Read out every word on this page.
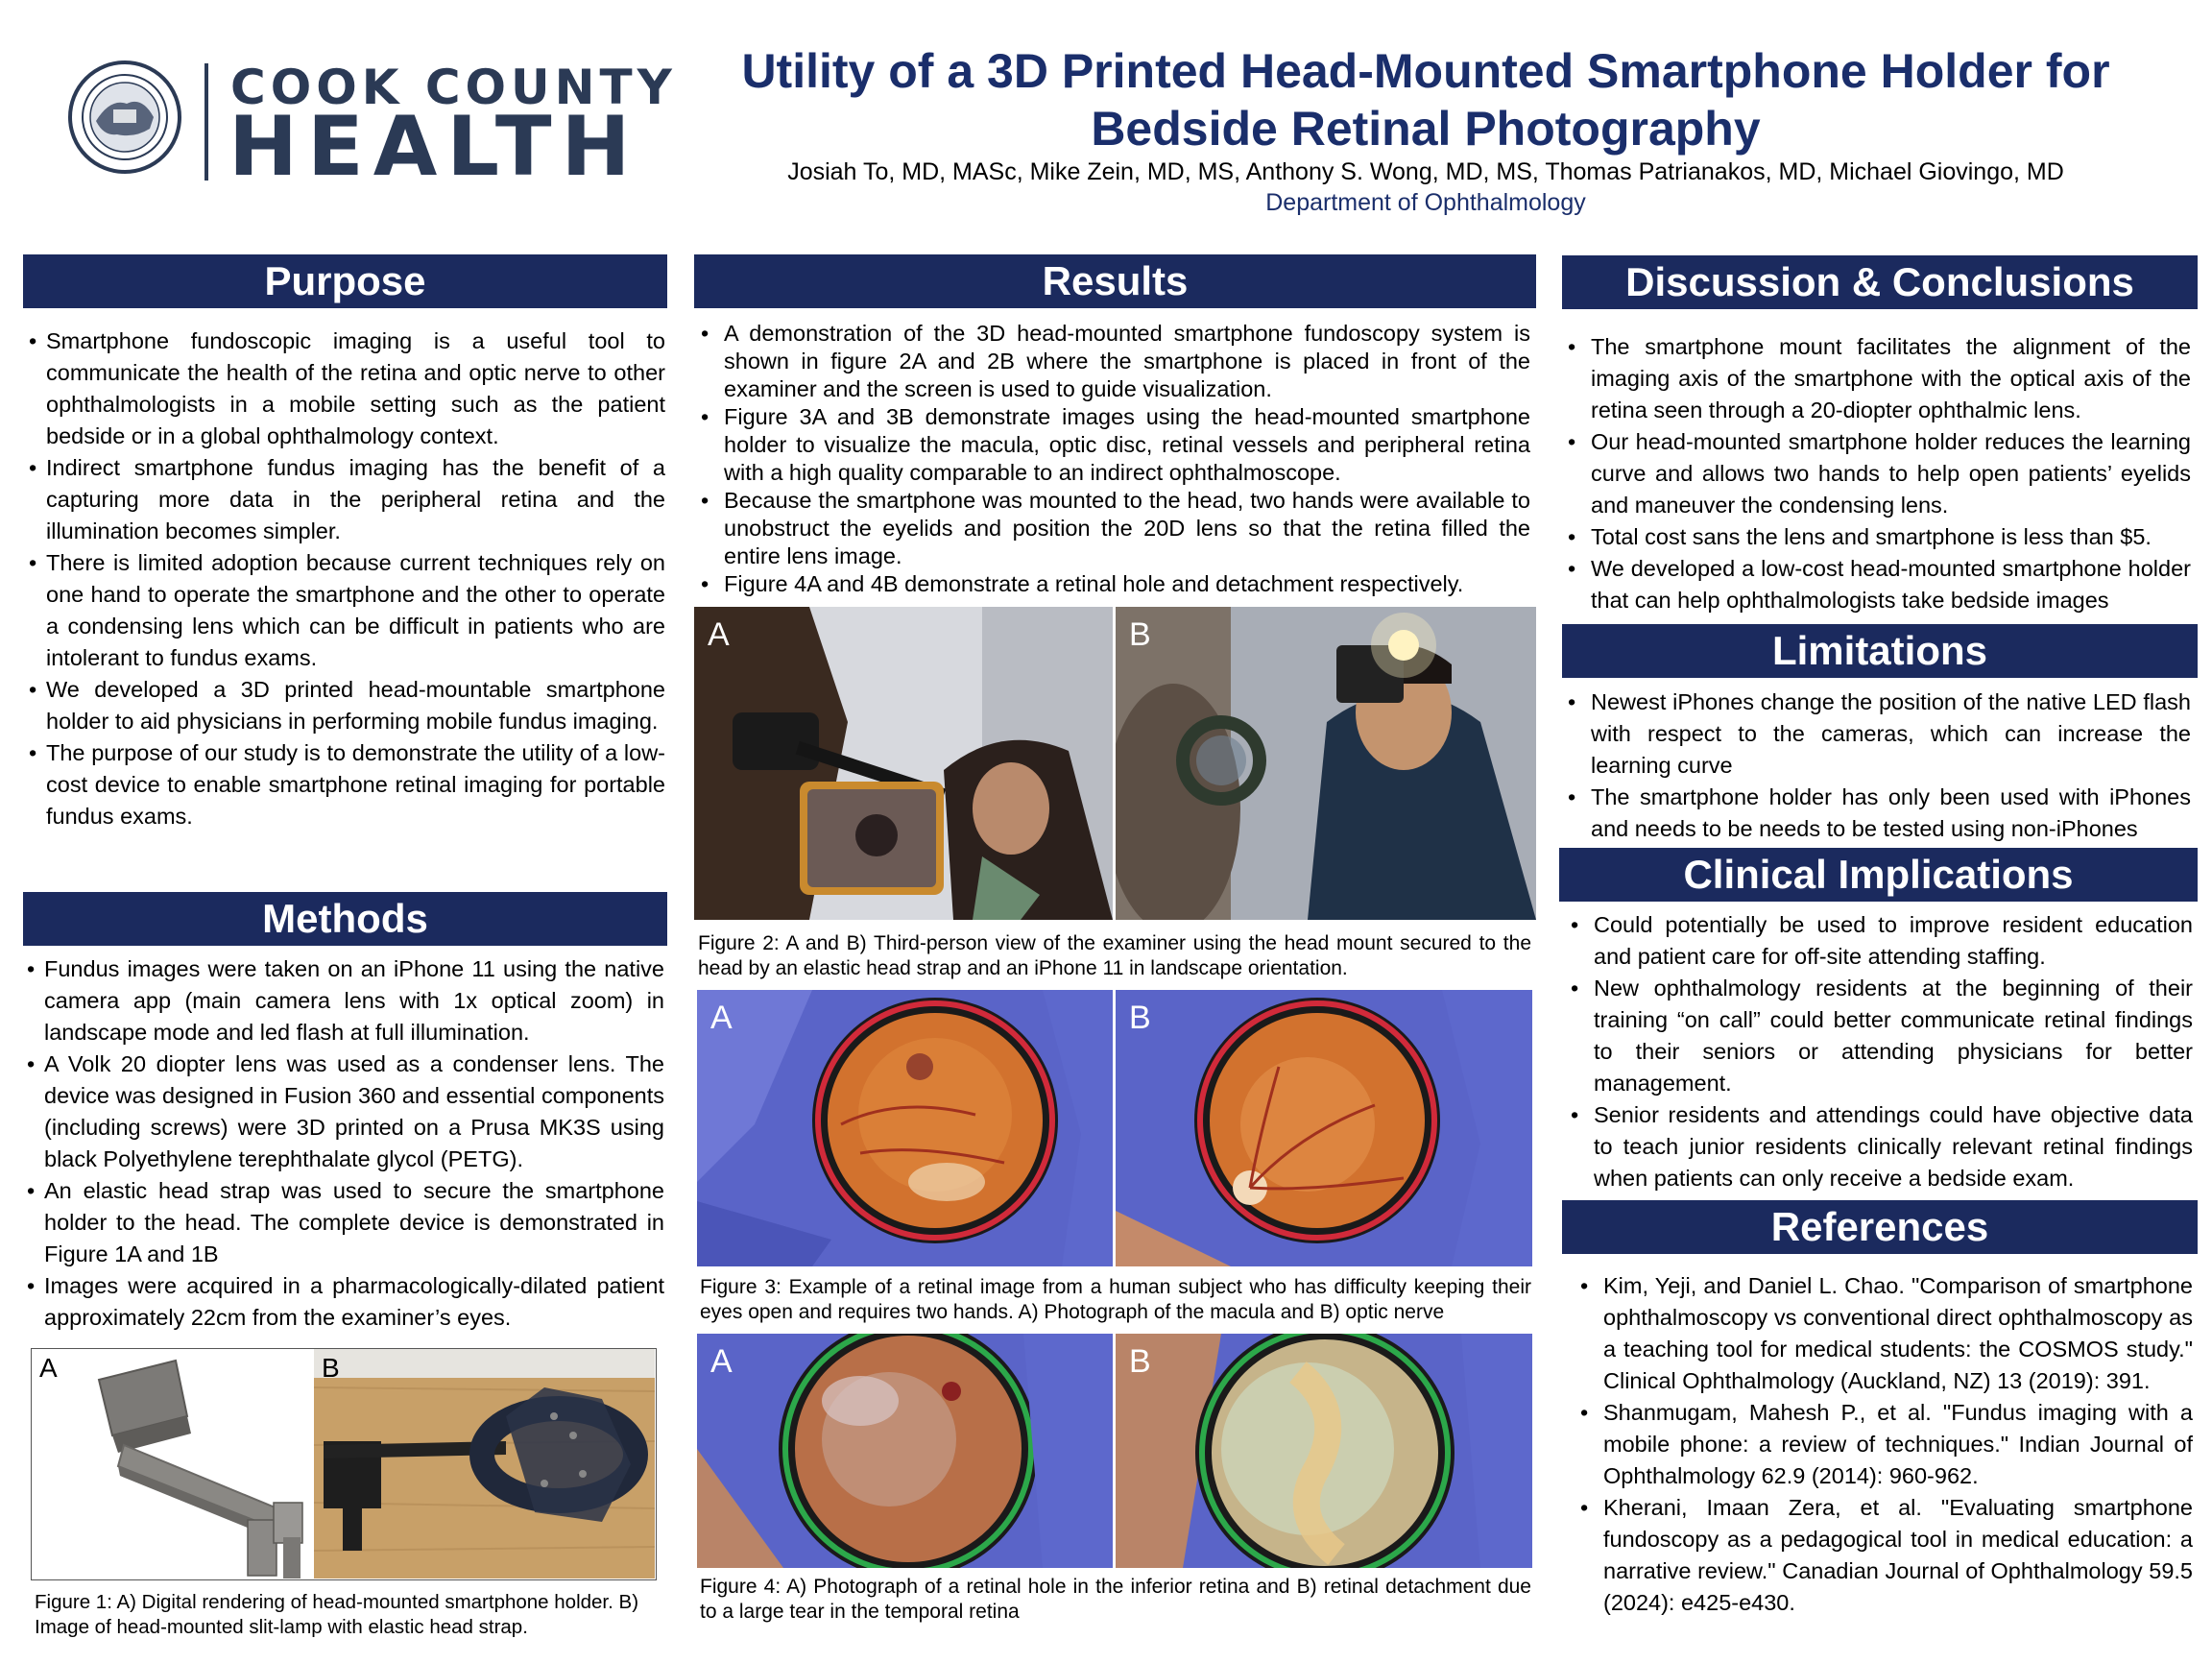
COOK COUNTY
HEALTH
Utility of a 3D Printed Head-Mounted Smartphone Holder for Bedside Retinal Photography
Josiah To, MD, MASc, Mike Zein, MD, MS, Anthony S. Wong, MD, MS, Thomas Patrianakos, MD, Michael Giovingo, MD
Department of Ophthalmology
Purpose
• Smartphone fundoscopic imaging is a useful tool to communicate the health of the retina and optic nerve to other ophthalmologists in a mobile setting such as the patient bedside or in a global ophthalmology context.
• Indirect smartphone fundus imaging has the benefit of a capturing more data in the peripheral retina and the illumination becomes simpler.
• There is limited adoption because current techniques rely on one hand to operate the smartphone and the other to operate a condensing lens which can be difficult in patients who are intolerant to fundus exams.
• We developed a 3D printed head-mountable smartphone holder to aid physicians in performing mobile fundus imaging.
• The purpose of our study is to demonstrate the utility of a low-cost device to enable smartphone retinal imaging for portable fundus exams.
Methods
• Fundus images were taken on an iPhone 11 using the native camera app (main camera lens with 1x optical zoom) in landscape mode and led flash at full illumination.
• A Volk 20 diopter lens was used as a condenser lens. The device was designed in Fusion 360 and essential components (including screws) were 3D printed on a Prusa MK3S using black Polyethylene terephthalate glycol (PETG).
• An elastic head strap was used to secure the smartphone holder to the head. The complete device is demonstrated in Figure 1A and 1B
• Images were acquired in a pharmacologically-dilated patient approximately 22cm from the examiner’s eyes.
A	B
Figure 1: A) Digital rendering of head-mounted smartphone holder. B) Image of head-mounted slit-lamp with elastic head strap.
Results
• A demonstration of the 3D head-mounted smartphone fundoscopy system is shown in figure 2A and 2B where the smartphone is placed in front of the examiner and the screen is used to guide visualization.
• Figure 3A and 3B demonstrate images using the head-mounted smartphone holder to visualize the macula, optic disc, retinal vessels and peripheral retina with a high quality comparable to an indirect ophthalmoscope.
• Because the smartphone was mounted to the head, two hands were available to unobstruct the eyelids and position the 20D lens so that the retina filled the entire lens image.
• Figure 4A and 4B demonstrate a retinal hole and detachment respectively.
A	B
Figure 2: A and B) Third-person view of the examiner using the head mount secured to the head by an elastic head strap and an iPhone 11 in landscape orientation.
A	B
Figure 3: Example of a retinal image from a human subject who has difficulty keeping their eyes open and requires two hands. A) Photograph of the macula and B) optic nerve
A	B
Figure 4: A) Photograph of a retinal hole in the inferior retina and B) retinal detachment due to a large tear in the temporal retina
Discussion & Conclusions
• The smartphone mount facilitates the alignment of the imaging axis of the smartphone with the optical axis of the retina seen through a 20-diopter ophthalmic lens.
• Our head-mounted smartphone holder reduces the learning curve and allows two hands to help open patients’ eyelids and maneuver the condensing lens.
• Total cost sans the lens and smartphone is less than $5.
• We developed a low-cost head-mounted smartphone holder that can help ophthalmologists take bedside images
Limitations
• Newest iPhones change the position of the native LED flash with respect to the cameras, which can increase the learning curve
• The smartphone holder has only been used with iPhones and needs to be needs to be tested using non-iPhones
Clinical Implications
• Could potentially be used to improve resident education and patient care for off-site attending staffing.
• New ophthalmology residents at the beginning of their training “on call” could better communicate retinal findings to their seniors or attending physicians for better management.
• Senior residents and attendings could have objective data to teach junior residents clinically relevant retinal findings when patients can only receive a bedside exam.
References
• Kim, Yeji, and Daniel L. Chao. "Comparison of smartphone ophthalmoscopy vs conventional direct ophthalmoscopy as a teaching tool for medical students: the COSMOS study." Clinical Ophthalmology (Auckland, NZ) 13 (2019): 391.
• Shanmugam, Mahesh P., et al. "Fundus imaging with a mobile phone: a review of techniques." Indian Journal of Ophthalmology 62.9 (2014): 960-962.
• Kherani, Imaan Zera, et al. "Evaluating smartphone fundoscopy as a pedagogical tool in medical education: a narrative review." Canadian Journal of Ophthalmology 59.5 (2024): e425-e430.
